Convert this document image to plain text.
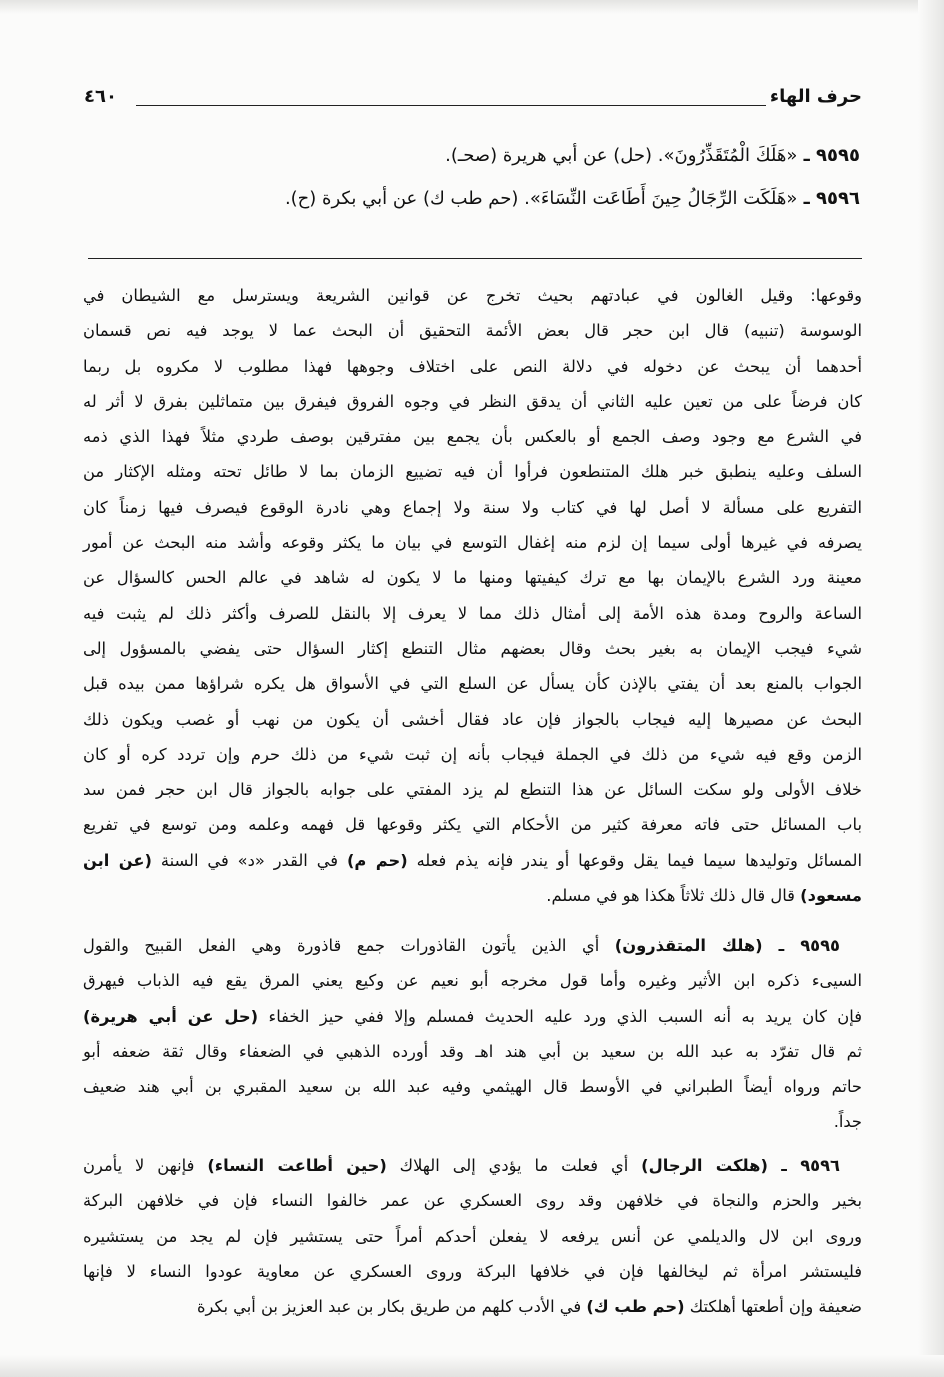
حرف الهاء
٤٦٠
٩٥٩٥ ـ «هَلَكَ الْمُتَقَذِّرُونَ». (حل) عن أبي هريرة (صحـ).
٩٥٩٦ ـ «هَلَكَت الرِّجَالُ حِينَ أَطَاعَت النِّسَاءَ». (حم طب ك) عن أبي بكرة (ح).
وقوعها: وقيل الغالون في عبادتهم بحيث تخرج عن قوانين الشريعة ويسترسل مع الشيطان في
الوسوسة (تنبيه) قال ابن حجر قال بعض الأئمة التحقيق أن البحث عما لا يوجد فيه نص قسمان
أحدهما أن يبحث عن دخوله في دلالة النص على اختلاف وجوهها فهذا مطلوب لا مكروه بل ربما
كان فرضاً على من تعين عليه الثاني أن يدقق النظر في وجوه الفروق فيفرق بين متماثلين بفرق لا أثر له
في الشرع مع وجود وصف الجمع أو بالعكس بأن يجمع بين مفترقين بوصف طردي مثلاً فهذا الذي ذمه
السلف وعليه ينطبق خبر هلك المتنطعون فرأوا أن فيه تضييع الزمان بما لا طائل تحته ومثله الإكثار من
التفريع على مسألة لا أصل لها في كتاب ولا سنة ولا إجماع وهي نادرة الوقوع فيصرف فيها زمناً كان
يصرفه في غيرها أولى سيما إن لزم منه إغفال التوسع في بيان ما يكثر وقوعه وأشد منه البحث عن أمور
معينة ورد الشرع بالإيمان بها مع ترك كيفيتها ومنها ما لا يكون له شاهد في عالم الحس كالسؤال عن
الساعة والروح ومدة هذه الأمة إلى أمثال ذلك مما لا يعرف إلا بالنقل للصرف وأكثر ذلك لم يثبت فيه
شيء فيجب الإيمان به بغير بحث وقال بعضهم مثال التنطع إكثار السؤال حتى يفضي بالمسؤول إلى
الجواب بالمنع بعد أن يفتي بالإذن كأن يسأل عن السلع التي في الأسواق هل يكره شراؤها ممن بيده قبل
البحث عن مصيرها إليه فيجاب بالجواز فإن عاد فقال أخشى أن يكون من نهب أو غصب ويكون ذلك
الزمن وقع فيه شيء من ذلك في الجملة فيجاب بأنه إن ثبت شيء من ذلك حرم وإن تردد كره أو كان
خلاف الأولى ولو سكت السائل عن هذا التنطع لم يزد المفتي على جوابه بالجواز قال ابن حجر فمن سد
باب المسائل حتى فاته معرفة كثير من الأحكام التي يكثر وقوعها قل فهمه وعلمه ومن توسع في تفريع
المسائل وتوليدها سيما فيما يقل وقوعها أو يندر فإنه يذم فعله (حم م) في القدر «د» في السنة (عن ابن
مسعود) قال قال ذلك ثلاثاً هكذا هو في مسلم.
٩٥٩٥ ـ (هلك المتقذرون) أي الذين يأتون القاذورات جمع قاذورة وهي الفعل القبيح والقول
السيىء ذكره ابن الأثير وغيره وأما قول مخرجه أبو نعيم عن وكيع يعني المرق يقع فيه الذباب فيهرق
فإن كان يريد به أنه السبب الذي ورد عليه الحديث فمسلم وإلا ففي حيز الخفاء (حل عن أبي هريرة)
ثم قال تفرّد به عبد الله بن سعيد بن أبي هند اهـ وقد أورده الذهبي في الضعفاء وقال ثقة ضعفه أبو
حاتم ورواه أيضاً الطبراني في الأوسط قال الهيثمي وفيه عبد الله بن سعيد المقبري بن أبي هند ضعيف
جداً.
٩٥٩٦ ـ (هلكت الرجال) أي فعلت ما يؤدي إلى الهلاك (حين أطاعت النساء) فإنهن لا يأمرن
بخير والحزم والنجاة في خلافهن وقد روى العسكري عن عمر خالفوا النساء فإن في خلافهن البركة
وروى ابن لال والديلمي عن أنس يرفعه لا يفعلن أحدكم أمراً حتى يستشير فإن لم يجد من يستشيره
فليستشر امرأة ثم ليخالفها فإن في خلافها البركة وروى العسكري عن معاوية عودوا النساء لا فإنها
ضعيفة وإن أطعتها أهلكتك (حم طب ك) في الأدب كلهم من طريق بكار بن عبد العزيز بن أبي بكرة
